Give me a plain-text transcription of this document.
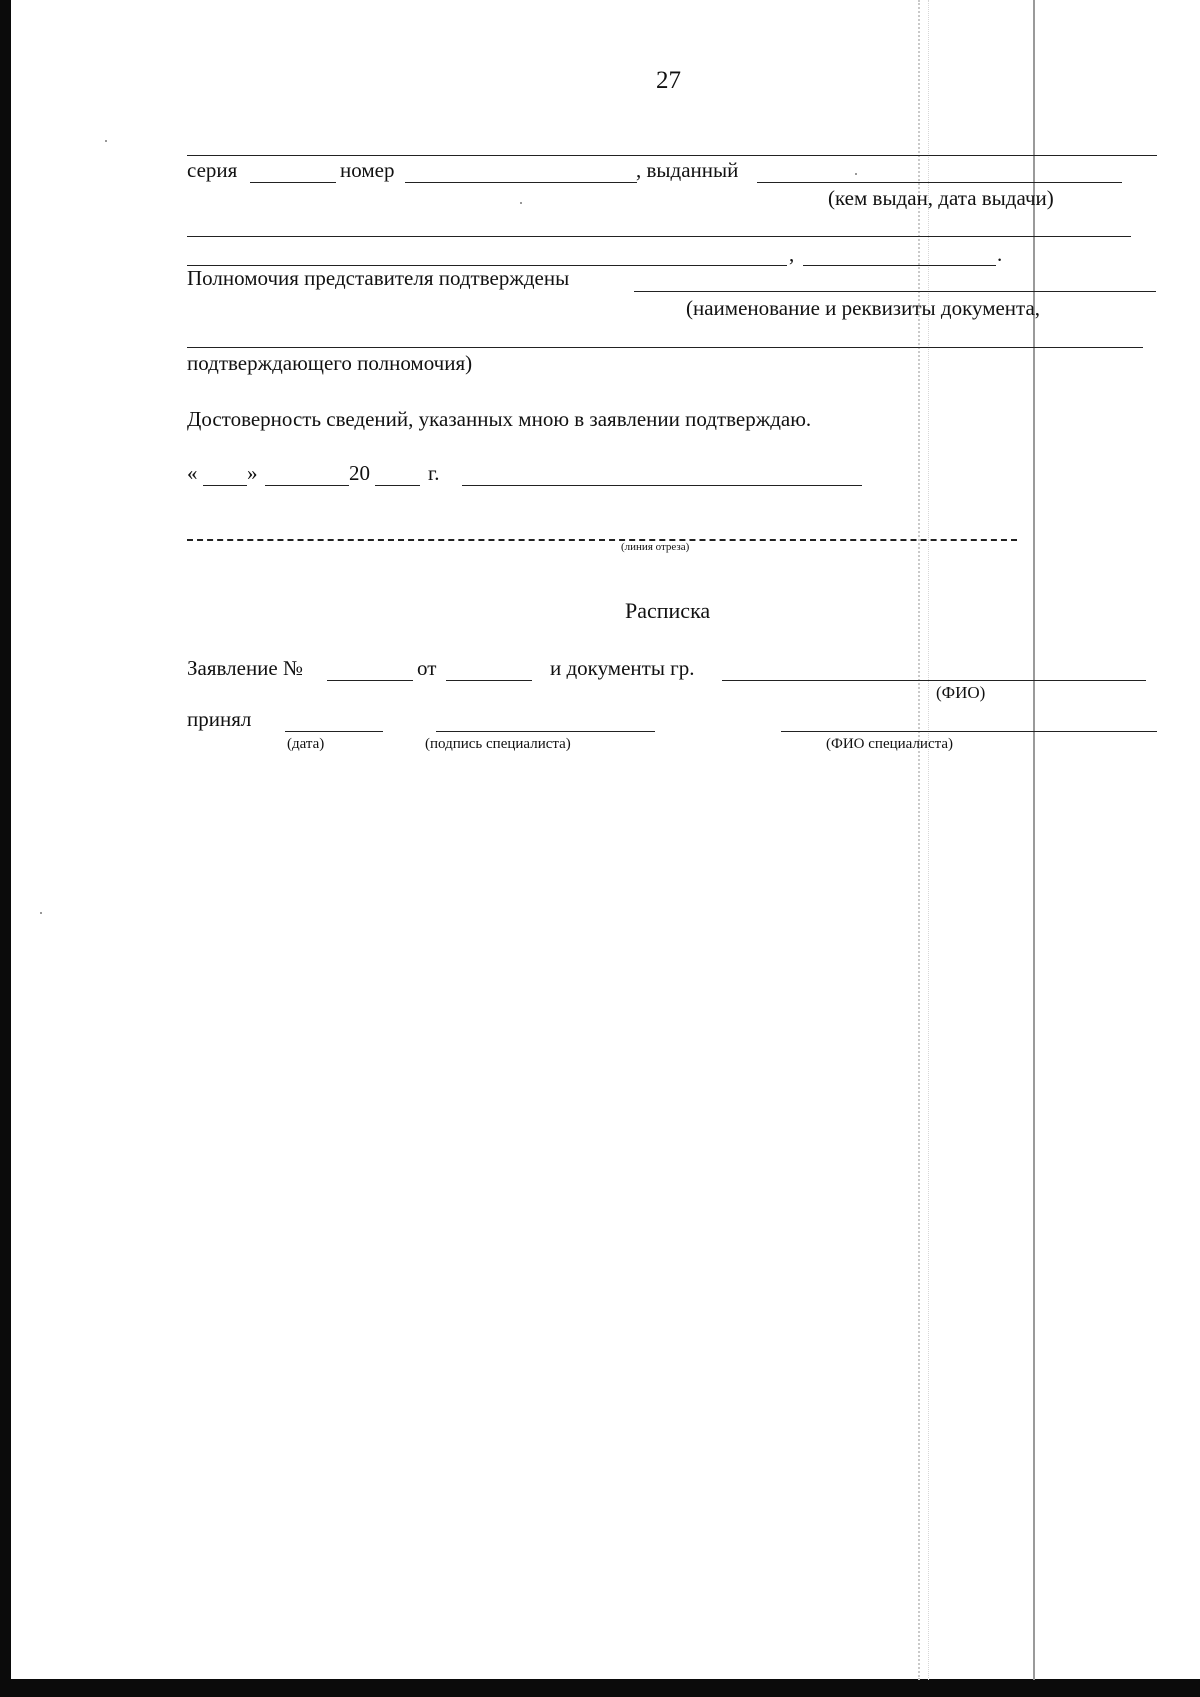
27
серия	номер	, выданный
(кем выдан, дата выдачи)
,	.
Полномочия представителя подтверждены
(наименование и реквизиты документа,
подтверждающего полномочия)
Достоверность сведений, указанных мною в заявлении подтверждаю.
« »	20	г.
(линия отреза)
Расписка
Заявление №	от	и документы гр.
(ФИО)
принял
(дата)	(подпись специалиста)	(ФИО специалиста)
